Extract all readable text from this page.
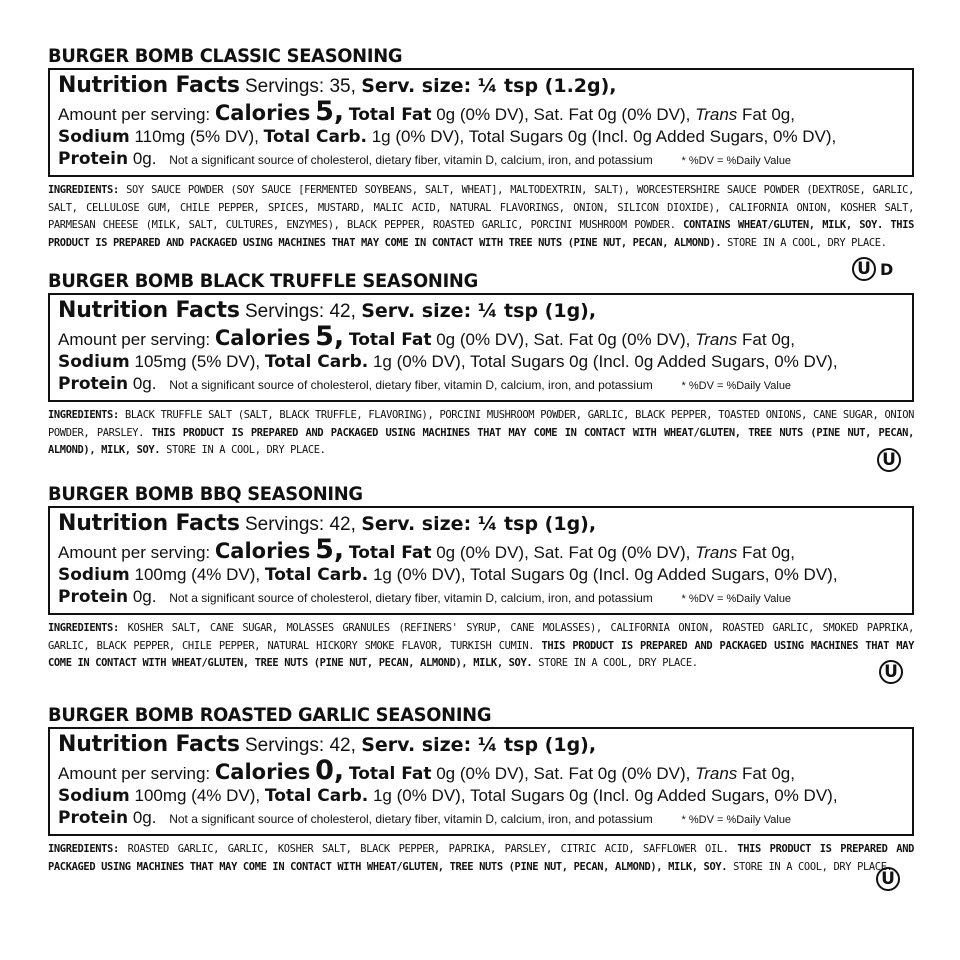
BURGER BOMB CLASSIC SEASONING
Nutrition Facts Servings: 35, Serv. size: ¼ tsp (1.2g),
Amount per serving: Calories 5, Total Fat 0g (0% DV), Sat. Fat 0g (0% DV), Trans Fat 0g,
Sodium 110mg (5% DV), Total Carb. 1g (0% DV), Total Sugars 0g (Incl. 0g Added Sugars, 0% DV),
Protein 0g. Not a significant source of cholesterol, dietary fiber, vitamin D, calcium, iron, and potassium	* %DV = %Daily Value
INGREDIENTS: SOY SAUCE POWDER (SOY SAUCE [FERMENTED SOYBEANS, SALT, WHEAT], MALTODEXTRIN, SALT), WORCESTERSHIRE SAUCE POWDER (DEXTROSE, GARLIC, SALT, CELLULOSE GUM, CHILE PEPPER, SPICES, MUSTARD, MALIC ACID, NATURAL FLAVORINGS, ONION, SILICON DIOXIDE), CALIFORNIA ONION, KOSHER SALT, PARMESAN CHEESE (MILK, SALT, CULTURES, ENZYMES), BLACK PEPPER, ROASTED GARLIC, PORCINI MUSHROOM POWDER. CONTAINS WHEAT/GLUTEN, MILK, SOY. THIS PRODUCT IS PREPARED AND PACKAGED USING MACHINES THAT MAY COME IN CONTACT WITH TREE NUTS (PINE NUT, PECAN, ALMOND). STORE IN A COOL, DRY PLACE.
U D
BURGER BOMB BLACK TRUFFLE SEASONING
Nutrition Facts Servings: 42, Serv. size: ¼ tsp (1g),
Amount per serving: Calories 5, Total Fat 0g (0% DV), Sat. Fat 0g (0% DV), Trans Fat 0g,
Sodium 105mg (5% DV), Total Carb. 1g (0% DV), Total Sugars 0g (Incl. 0g Added Sugars, 0% DV),
Protein 0g. Not a significant source of cholesterol, dietary fiber, vitamin D, calcium, iron, and potassium	* %DV = %Daily Value
INGREDIENTS: BLACK TRUFFLE SALT (SALT, BLACK TRUFFLE, FLAVORING), PORCINI MUSHROOM POWDER, GARLIC, BLACK PEPPER, TOASTED ONIONS, CANE SUGAR, ONION POWDER, PARSLEY. THIS PRODUCT IS PREPARED AND PACKAGED USING MACHINES THAT MAY COME IN CONTACT WITH WHEAT/GLUTEN, TREE NUTS (PINE NUT, PECAN, ALMOND), MILK, SOY. STORE IN A COOL, DRY PLACE.	U
BURGER BOMB BBQ SEASONING
Nutrition Facts Servings: 42, Serv. size: ¼ tsp (1g),
Amount per serving: Calories 5, Total Fat 0g (0% DV), Sat. Fat 0g (0% DV), Trans Fat 0g,
Sodium 100mg (4% DV), Total Carb. 1g (0% DV), Total Sugars 0g (Incl. 0g Added Sugars, 0% DV),
Protein 0g. Not a significant source of cholesterol, dietary fiber, vitamin D, calcium, iron, and potassium	* %DV = %Daily Value
INGREDIENTS: KOSHER SALT, CANE SUGAR, MOLASSES GRANULES (REFINERS' SYRUP, CANE MOLASSES), CALIFORNIA ONION, ROASTED GARLIC, SMOKED PAPRIKA, GARLIC, BLACK PEPPER, CHILE PEPPER, NATURAL HICKORY SMOKE FLAVOR, TURKISH CUMIN. THIS PRODUCT IS PREPARED AND PACKAGED USING MACHINES THAT MAY COME IN CONTACT WITH WHEAT/GLUTEN, TREE NUTS (PINE NUT, PECAN, ALMOND), MILK, SOY. STORE IN A COOL, DRY PLACE.	U
BURGER BOMB ROASTED GARLIC SEASONING
Nutrition Facts Servings: 42, Serv. size: ¼ tsp (1g),
Amount per serving: Calories 0, Total Fat 0g (0% DV), Sat. Fat 0g (0% DV), Trans Fat 0g,
Sodium 100mg (4% DV), Total Carb. 1g (0% DV), Total Sugars 0g (Incl. 0g Added Sugars, 0% DV),
Protein 0g. Not a significant source of cholesterol, dietary fiber, vitamin D, calcium, iron, and potassium	* %DV = %Daily Value
INGREDIENTS: ROASTED GARLIC, GARLIC, KOSHER SALT, BLACK PEPPER, PAPRIKA, PARSLEY, CITRIC ACID, SAFFLOWER OIL. THIS PRODUCT IS PREPARED AND PACKAGED USING MACHINES THAT MAY COME IN CONTACT WITH WHEAT/GLUTEN, TREE NUTS (PINE NUT, PECAN, ALMOND), MILK, SOY. STORE IN A COOL, DRY PLACE.
U
